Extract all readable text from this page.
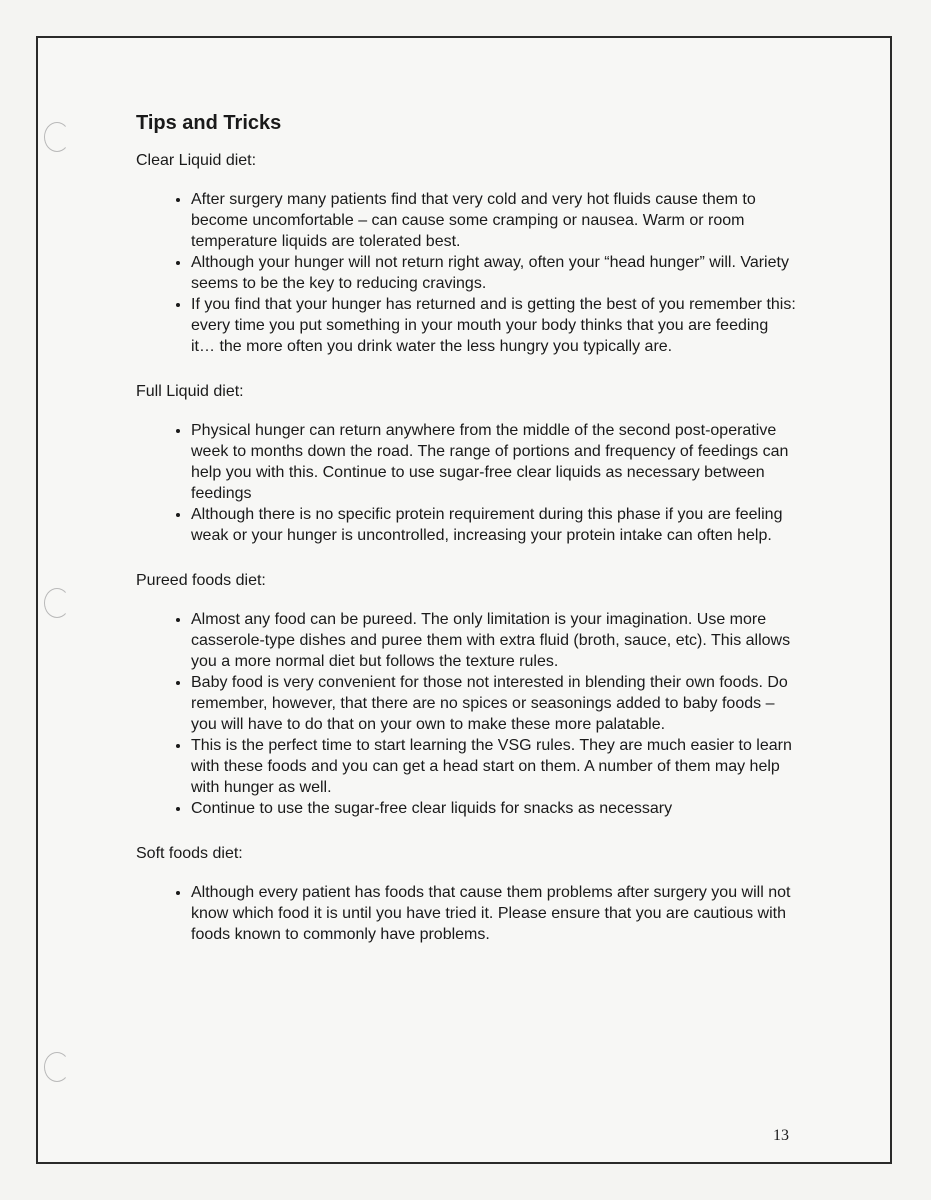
Tips and Tricks

Clear Liquid diet:

• After surgery many patients find that very cold and very hot fluids cause them to become uncomfortable – can cause some cramping or nausea. Warm or room temperature liquids are tolerated best.
• Although your hunger will not return right away, often your “head hunger” will. Variety seems to be the key to reducing cravings.
• If you find that your hunger has returned and is getting the best of you remember this: every time you put something in your mouth your body thinks that you are feeding it… the more often you drink water the less hungry you typically are.

Full Liquid diet:

• Physical hunger can return anywhere from the middle of the second post-operative week to months down the road. The range of portions and frequency of feedings can help you with this. Continue to use sugar-free clear liquids as necessary between feedings
• Although there is no specific protein requirement during this phase if you are feeling weak or your hunger is uncontrolled, increasing your protein intake can often help.

Pureed foods diet:

• Almost any food can be pureed. The only limitation is your imagination. Use more casserole-type dishes and puree them with extra fluid (broth, sauce, etc). This allows you a more normal diet but follows the texture rules.
• Baby food is very convenient for those not interested in blending their own foods. Do remember, however, that there are no spices or seasonings added to baby foods – you will have to do that on your own to make these more palatable.
• This is the perfect time to start learning the VSG rules. They are much easier to learn with these foods and you can get a head start on them. A number of them may help with hunger as well.
• Continue to use the sugar-free clear liquids for snacks as necessary

Soft foods diet:

• Although every patient has foods that cause them problems after surgery you will not know which food it is until you have tried it. Please ensure that you are cautious with foods known to commonly have problems.
13
